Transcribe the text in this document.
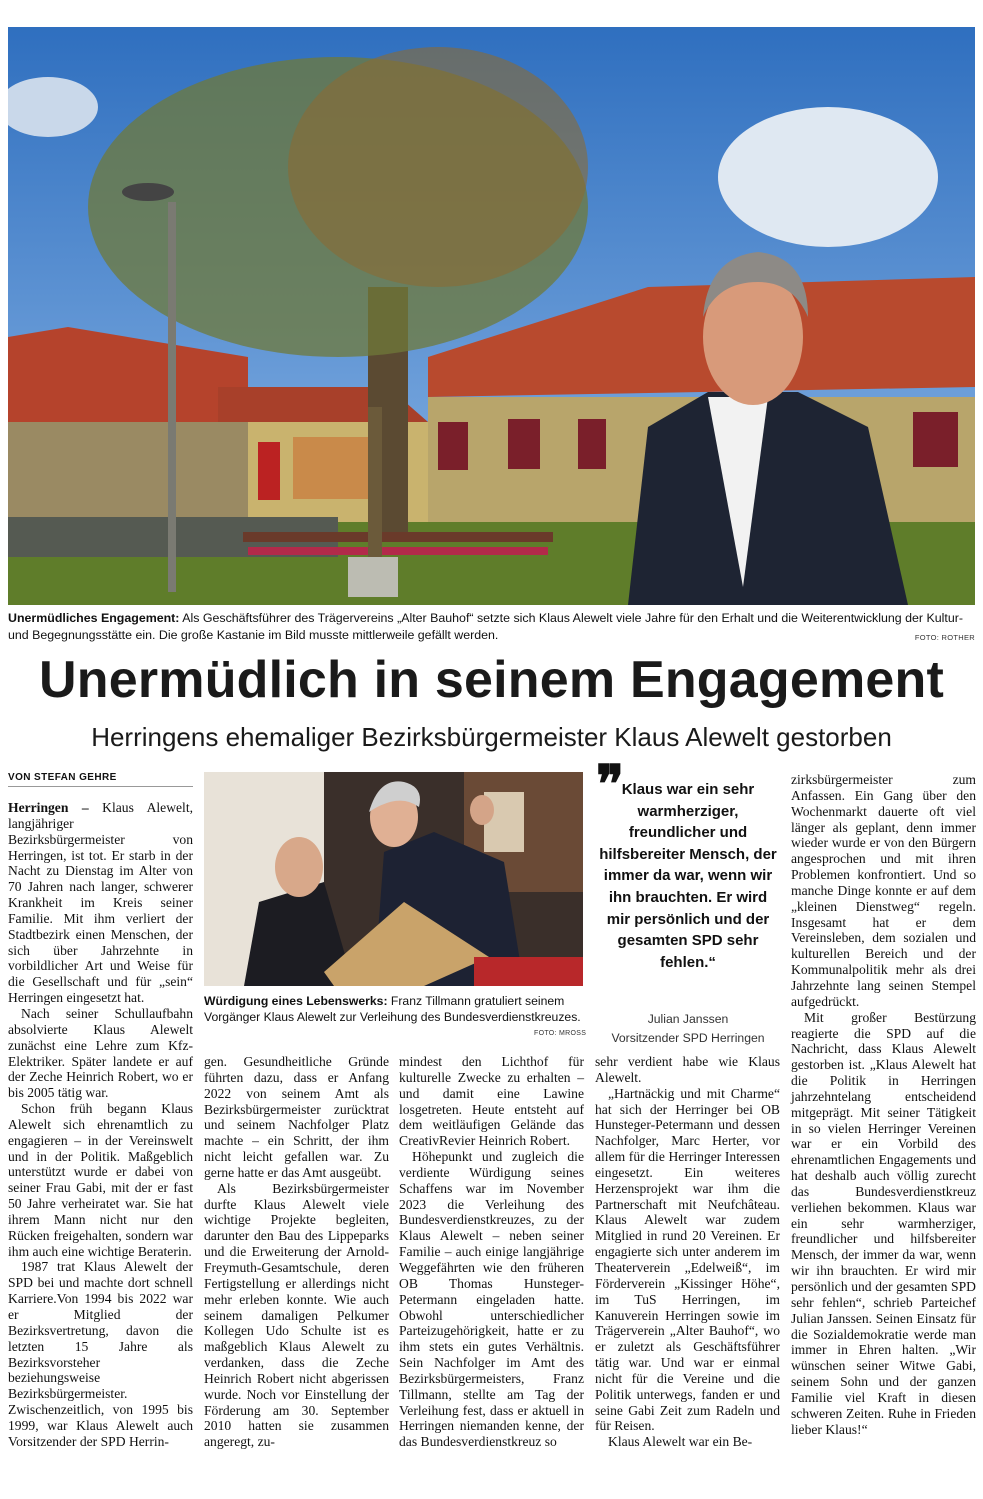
Unermüdliches Engagement: Als Geschäftsführer des Trägervereins „Alter Bauhof“ setzte sich Klaus Alewelt viele Jahre für den Erhalt und die Weiterentwicklung der Kultur- und Begegnungsstätte ein. Die große Kastanie im Bild musste mittlerweile gefällt werden.	FOTO: ROTHER
Unermüdlich in seinem Engagement
Herringens ehemaliger Bezirksbürgermeister Klaus Alewelt gestorben
VON STEFAN GEHRE

Herringen – Klaus Alewelt, langjähriger Bezirksbürgermeister von Herringen, ist tot. Er starb in der Nacht zu Dienstag im Alter von 70 Jahren nach langer, schwerer Krankheit im Kreis seiner Familie. Mit ihm verliert der Stadtbezirk einen Menschen, der sich über Jahrzehnte in vorbildlicher Art und Weise für die Gesellschaft und für „sein“ Herringen eingesetzt hat.

Nach seiner Schullaufbahn absolvierte Klaus Alewelt zunächst eine Lehre zum Kfz-Elektriker. Später landete er auf der Zeche Heinrich Robert, wo er bis 2005 tätig war.

Schon früh begann Klaus Alewelt sich ehrenamtlich zu engagieren – in der Vereinswelt und in der Politik. Maßgeblich unterstützt wurde er dabei von seiner Frau Gabi, mit der er fast 50 Jahre verheiratet war. Sie hat ihrem Mann nicht nur den Rücken freigehalten, sondern war ihm auch eine wichtige Beraterin.

1987 trat Klaus Alewelt der SPD bei und machte dort schnell Karriere.Von 1994 bis 2022 war er Mitglied der Bezirksvertretung, davon die letzten 15 Jahre als Bezirksvorsteher beziehungsweise Bezirksbürgermeister. Zwischenzeitlich, von 1995 bis 1999, war Klaus Alewelt auch Vorsitzender der SPD Herrin-

Würdigung eines Lebenswerks: Franz Tillmann gratuliert seinem Vorgänger Klaus Alewelt zur Verleihung des Bundesverdienstkreuzes.
FOTO: MROSS
❞
Klaus war ein sehr warmherziger, freundlicher und hilfsbereiter Mensch, der immer da war, wenn wir ihn brauchten. Er wird mir persönlich und der gesamten SPD sehr fehlen.“
Julian Janssen
Vorsitzender SPD Herringen

gen. Gesundheitliche Gründe führten dazu, dass er Anfang 2022 von seinem Amt als Bezirksbürgermeister zurücktrat und seinem Nachfolger Platz machte – ein Schritt, der ihm nicht leicht gefallen war. Zu gerne hatte er das Amt ausgeübt.

Als Bezirksbürgermeister durfte Klaus Alewelt viele wichtige Projekte begleiten, darunter den Bau des Lippeparks und die Erweiterung der Arnold-Freymuth-Gesamtschule, deren Fertigstellung er allerdings nicht mehr erleben konnte. Wie auch seinem damaligen Pelkumer Kollegen Udo Schulte ist es maßgeblich Klaus Alewelt zu verdanken, dass die Zeche Heinrich Robert nicht abgerissen wurde. Noch vor Einstellung der Förderung am 30. September 2010 hatten sie zusammen angeregt, zu-

mindest den Lichthof für kulturelle Zwecke zu erhalten – und damit eine Lawine losgetreten. Heute entsteht auf dem weitläufigen Gelände das CreativRevier Heinrich Robert.

Höhepunkt und zugleich die verdiente Würdigung seines Schaffens war im November 2023 die Verleihung des Bundesverdienstkreuzes, zu der Klaus Alewelt – neben seiner Familie – auch einige langjährige Weggefährten wie den früheren OB Thomas Hunsteger-Petermann eingeladen hatte. Obwohl unterschiedlicher Parteizugehörigkeit, hatte er zu ihm stets ein gutes Verhältnis. Sein Nachfolger im Amt des Bezirksbürgermeisters, Franz Tillmann, stellte am Tag der Verleihung fest, dass er aktuell in Herringen niemanden kenne, der das Bundesverdienstkreuz so

sehr verdient habe wie Klaus Alewelt.

„Hartnäckig und mit Charme“ hat sich der Herringer bei OB Hunsteger-Petermann und dessen Nachfolger, Marc Herter, vor allem für die Herringer Interessen eingesetzt. Ein weiteres Herzensprojekt war ihm die Partnerschaft mit Neufchâteau. Klaus Alewelt war zudem Mitglied in rund 20 Vereinen. Er engagierte sich unter anderem im Theaterverein „Edelweiß“, im Förderverein „Kissinger Höhe“, im TuS Herringen, im Kanuverein Herringen sowie im Trägerverein „Alter Bauhof“, wo er zuletzt als Geschäftsführer tätig war. Und war er einmal nicht für die Vereine und die Politik unterwegs, fanden er und seine Gabi Zeit zum Radeln und für Reisen.

Klaus Alewelt war ein Be-

zirksbürgermeister zum Anfassen. Ein Gang über den Wochenmarkt dauerte oft viel länger als geplant, denn immer wieder wurde er von den Bürgern angesprochen und mit ihren Problemen konfrontiert. Und so manche Dinge konnte er auf dem „kleinen Dienstweg“ regeln. Insgesamt hat er dem Vereinsleben, dem sozialen und kulturellen Bereich und der Kommunalpolitik mehr als drei Jahrzehnte lang seinen Stempel aufgedrückt.

Mit großer Bestürzung reagierte die SPD auf die Nachricht, dass Klaus Alewelt gestorben ist. „Klaus Alewelt hat die Politik in Herringen jahrzehntelang entscheidend mitgeprägt. Mit seiner Tätigkeit in so vielen Herringer Vereinen war er ein Vorbild des ehrenamtlichen Engagements und hat deshalb auch völlig zurecht das Bundesverdienstkreuz verliehen bekommen. Klaus war ein sehr warmherziger, freundlicher und hilfsbereiter Mensch, der immer da war, wenn wir ihn brauchten. Er wird mir persönlich und der gesamten SPD sehr fehlen“, schrieb Parteichef Julian Janssen. Seinen Einsatz für die Sozialdemokratie werde man immer in Ehren halten. „Wir wünschen seiner Witwe Gabi, seinem Sohn und der ganzen Familie viel Kraft in diesen schweren Zeiten. Ruhe in Frieden lieber Klaus!“
